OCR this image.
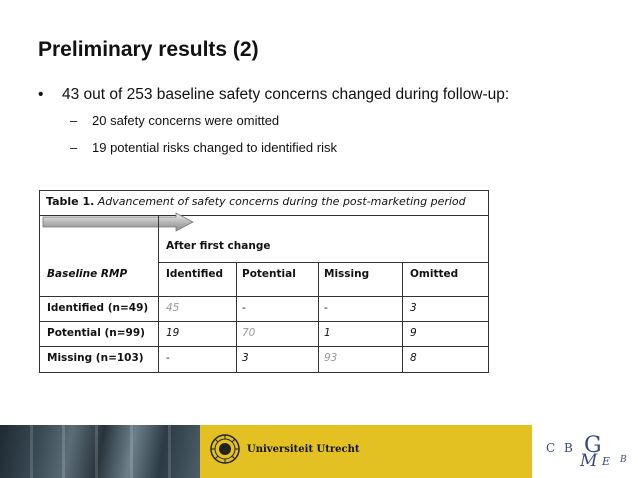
Preliminary results (2)
• 43 out of 253 baseline safety concerns changed during follow-up:
– 20 safety concerns were omitted
– 19 potential risks changed to identified risk
Table 1. Advancement of safety concerns during the post-marketing period
After first change
Baseline RMP	Identified Potential	Missing	Omitted
Identified (n=49) 45	-	-	3
Potential (n=99) 19	70	1	9
Missing (n=103) -	3	93	8
Universiteit Utrecht	C B G
M E B
